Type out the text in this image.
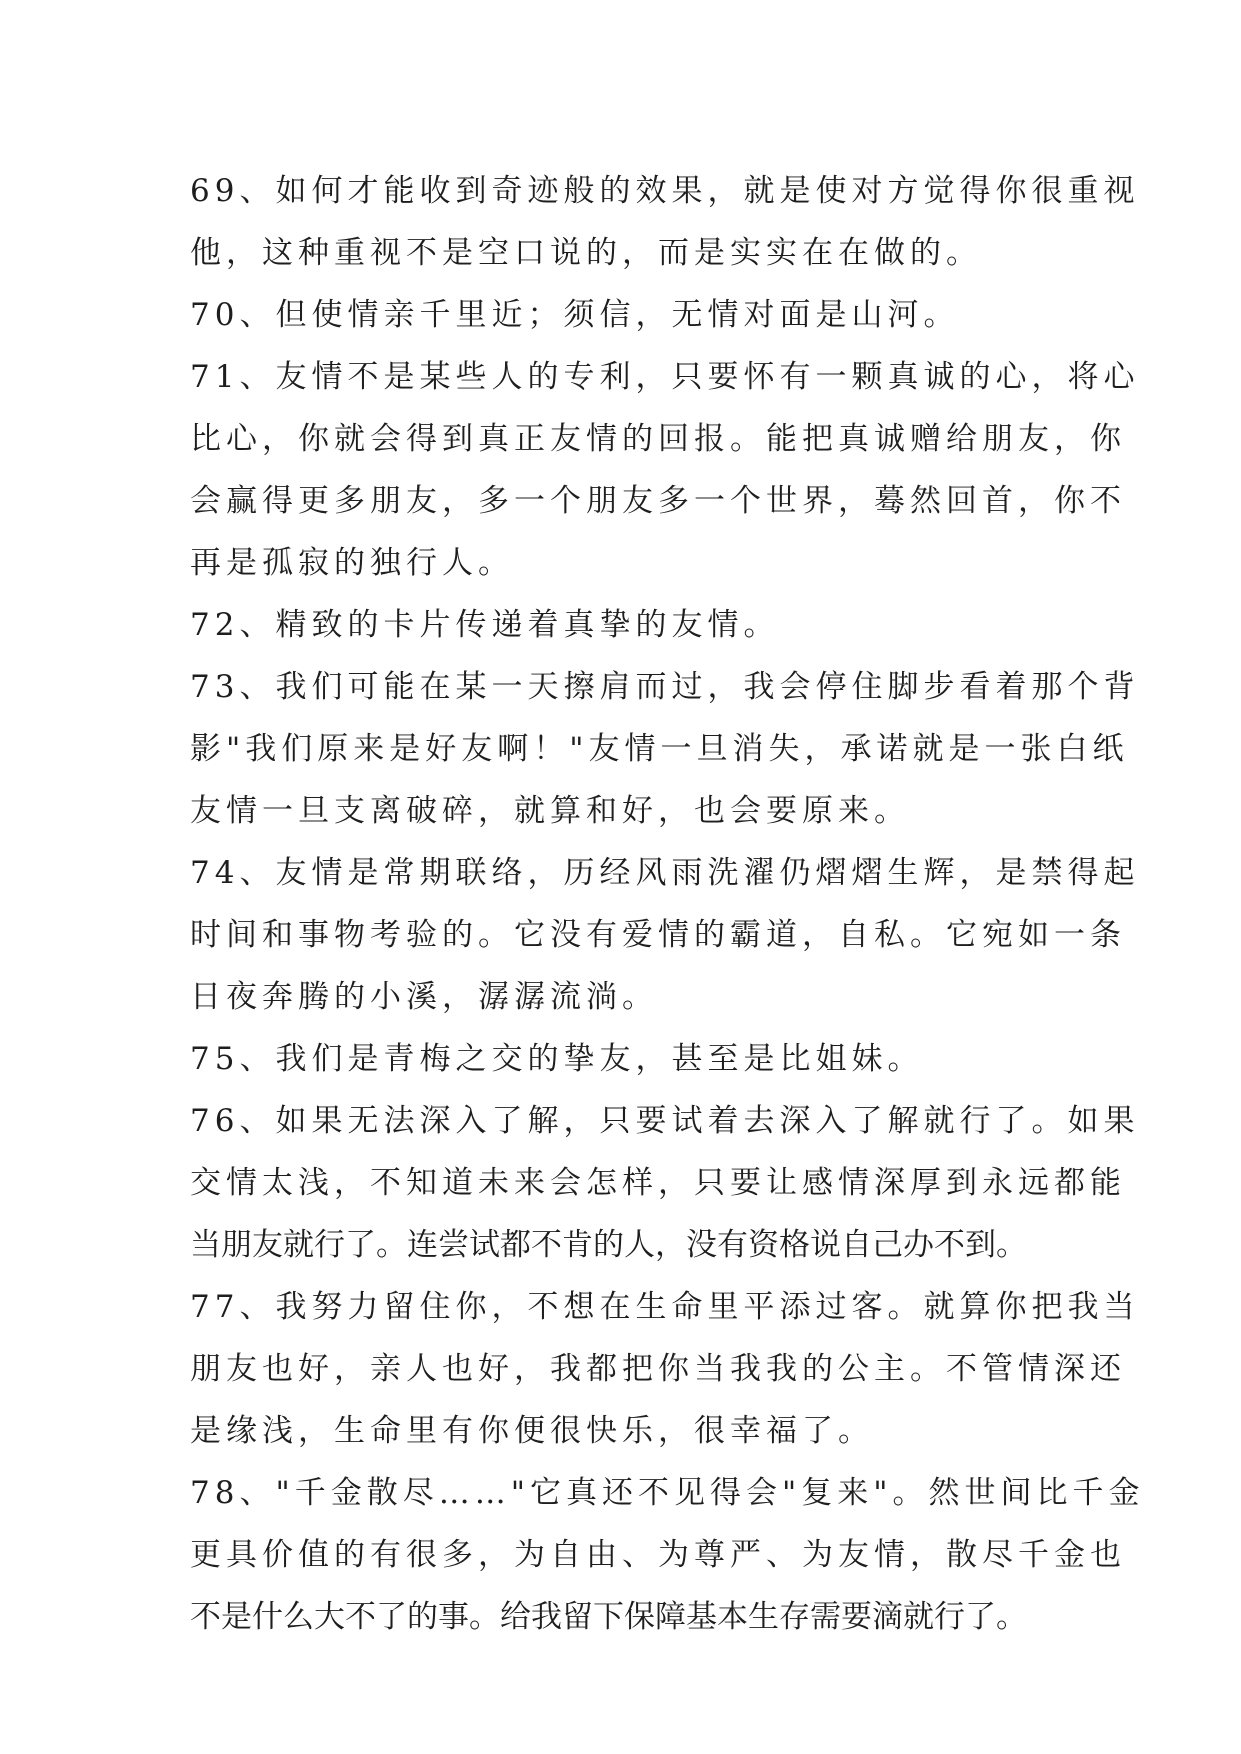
69、如何才能收到奇迹般的效果，就是使对方觉得你很重视
他，这种重视不是空口说的，而是实实在在做的。
70、但使情亲千里近；须信，无情对面是山河。
71、友情不是某些人的专利，只要怀有一颗真诚的心，将心
比心，你就会得到真正友情的回报。能把真诚赠给朋友，你
会赢得更多朋友，多一个朋友多一个世界，蓦然回首，你不
再是孤寂的独行人。
72、精致的卡片传递着真挚的友情。
73、我们可能在某一天擦肩而过，我会停住脚步看着那个背
影"我们原来是好友啊！"友情一旦消失，承诺就是一张白纸
友情一旦支离破碎，就算和好，也会要原来。
74、友情是常期联络，历经风雨洗濯仍熠熠生辉，是禁得起
时间和事物考验的。它没有爱情的霸道，自私。它宛如一条
日夜奔腾的小溪，潺潺流淌。
75、我们是青梅之交的挚友，甚至是比姐妹。
76、如果无法深入了解，只要试着去深入了解就行了。如果
交情太浅，不知道未来会怎样，只要让感情深厚到永远都能
当朋友就行了。连尝试都不肯的人，没有资格说自己办不到。
77、我努力留住你，不想在生命里平添过客。就算你把我当
朋友也好，亲人也好，我都把你当我我的公主。不管情深还
是缘浅，生命里有你便很快乐，很幸福了。
78、"千金散尽……"它真还不见得会"复来"。然世间比千金
更具价值的有很多，为自由、为尊严、为友情，散尽千金也
不是什么大不了的事。给我留下保障基本生存需要滴就行了。
